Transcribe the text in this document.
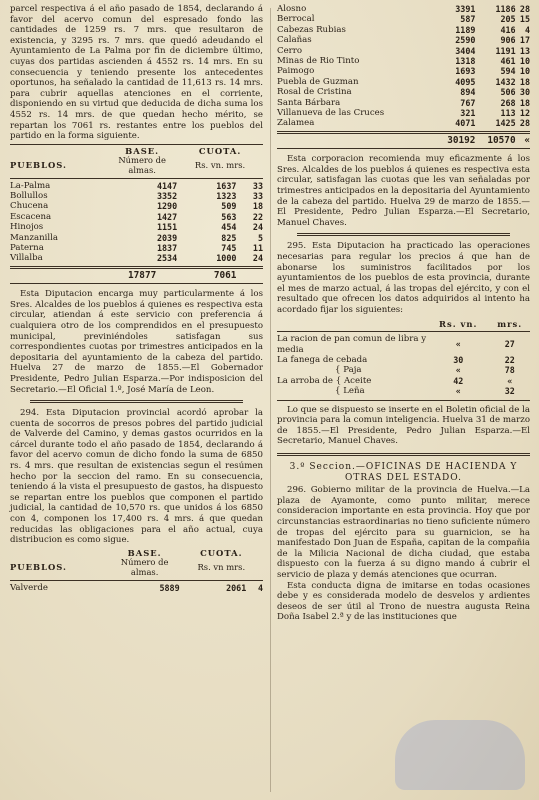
parcel respectiva á el año pasado de 1854, declarando á favor del acervo comun del espresado fondo las cantidades de 1259 rs. 7 mrs. que resultaron de existencia, y 3295 rs. 7 mrs. que quedó adeudando el Ayuntamiento de La Palma por fin de diciembre último, cuyas dos partidas ascienden á 4552 rs. 14 mrs. En su consecuencia y teniendo presente los antecedentes oportunos, ha señalado la cantidad de 11,613 rs. 14 mrs. para cubrir aquellas atenciones en el corriente, disponiendo en su virtud que deducida de dicha suma los 4552 rs. 14 mrs. de que quedan hecho mérito, se repartan los 7061 rs. restantes entre los pueblos del partido en la forma siguiente.

	BASE.	CUOTA.	
PUEBLOS.	Número de almas.	Rs. vn. mrs.	

La-Palma	4147	1637	33
Bollullos	3352	1323	33
Chucena	1290	509	18
Escacena	1427	563	22
Hinojos	1151	454	24
Manzanilla	2039	825	5
Paterna	1837	745	11
Villalba	2534	1000	24

	17877	7061	

Esta Diputacion encarga muy particularmente á los Sres. Alcaldes de los pueblos á quienes es respectiva esta circular, atiendan á este servicio con preferencia á cualquiera otro de los comprendidos en el presupuesto municipal, previniéndoles satisfagan sus correspondientes cuotas por trimestres anticipados en la depositaria del ayuntamiento de la cabeza del partido. Huelva 27 de marzo de 1855.—El Gobernador Presidente, Pedro Julian Esparza.—Por indisposicion del Secretario.—El Oficial 1.º, José María de Leon.

294. Esta Diputacion provincial acordó aprobar la cuenta de socorros de presos pobres del partido judicial de Valverde del Camino, y demas gastos ocurridos en la cárcel durante todo el año pasado de 1854, declarando á favor del acervo comun de dicho fondo la suma de 6850 rs. 4 mrs. que resultan de existencias segun el resúmen hecho por la seccion del ramo. En su consecuencia, teniendo á la vista el presupuesto de gastos, ha dispuesto se repartan entre los pueblos que componen el partido judicial, la cantidad de 10,570 rs. que unidos á los 6850 con 4, componen los 17,400 rs. 4 mrs. á que quedan reducidas las obligaciones para el año actual, cuya distribucion es como sigue.

	BASE.	CUOTA.	
PUEBLOS.	Número de almas.	Rs. vn mrs.	

Valverde	5889	2061	4
Alosno	3391	1186	28
Berrocal	587	205	15
Cabezas Rubias	1189	416	4
Calañas	2590	906	17
Cerro	3404	1191	13
Minas de Rio Tinto	1318	461	10
Paimogo	1693	594	10
Puebla de Guzman	4095	1432	18
Rosal de Cristina	894	506	30
Santa Bárbara	767	268	18
Villanueva de las Cruces	321	113	12
Zalamea	4071	1425	28

	30192	10570	«

Esta corporacion recomienda muy eficazmente á los Sres. Alcaldes de los pueblos á quienes es respectiva esta circular, satisfagan las cuotas que les van señaladas por trimestres anticipados en la depositaria del Ayuntamiento de la cabeza del partido. Huelva 29 de marzo de 1855.—El Presidente, Pedro Julian Esparza.—El Secretario, Manuel Chaves.

295. Esta Diputacion ha practicado las operaciones necesarias para regular los precios á que han de abonarse los suministros facilitados por los ayuntamientos de los pueblos de esta provincia, durante el mes de marzo actual, á las tropas del ejército, y con el resultado que ofrecen los datos adquiridos al intento ha acordado fijar los siguientes:

	Rs. vn.	mrs.

La racion de pan comun de libra y media	«	27
La fanega de cebada	30	22
{ Paja	«	78
La arroba de { Aceite	42	«
{ Leña	«	32

Lo que se dispuesto se inserte en el Boletin oficial de la provincia para la comun inteligencia. Huelva 31 de marzo de 1855.—El Presidente, Pedro Julian Esparza.—El Secretario, Manuel Chaves.

3.º Seccion.—OFICINAS DE HACIENDA Y OTRAS DEL ESTADO.

296. Gobierno militar de la provincia de Huelva.—La plaza de Ayamonte, como punto militar, merece consideracion importante en esta provincia. Hoy que por circunstancias estraordinarias no tieno suficiente número de tropas del ejército para su guarnicion, se ha manifestado Don Juan de España, capitan de la compañia de la Milicia Nacional de dicha ciudad, que estaba dispuesto con la fuerza á su digno mando á cubrir el servicio de plaza y demás atenciones que ocurran.

Esta conducta digna de imitarse en todas ocasiones debe y es considerada modelo de desvelos y ardientes deseos de ser útil al Trono de nuestra augusta Reina Doña Isabel 2.ª y de las instituciones que
